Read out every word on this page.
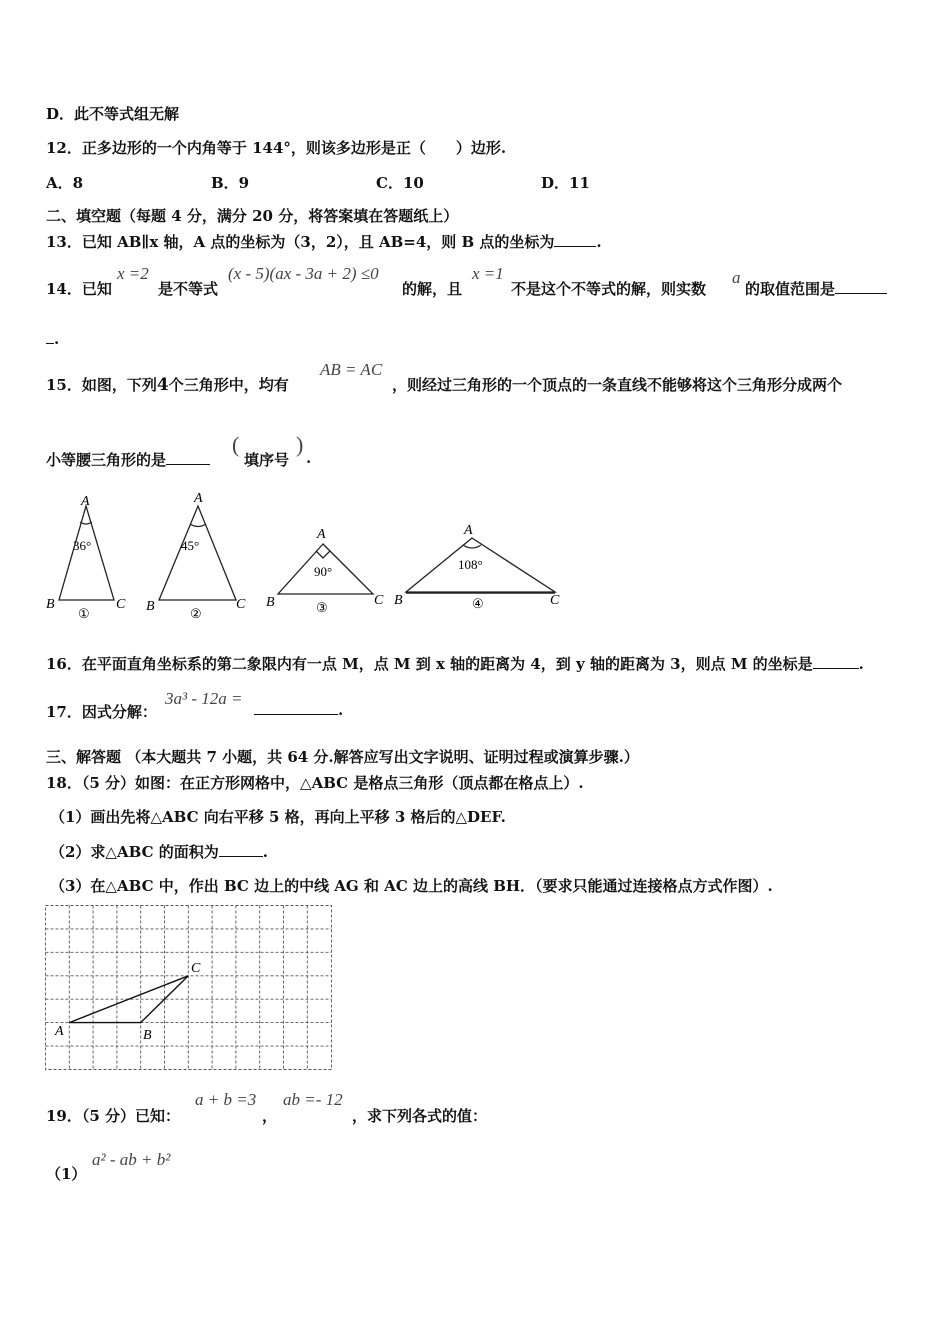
D．此不等式组无解
12．正多边形的一个内角等于 144°，则该多边形是正（　　）边形.
A．8	B．9	C．10	D．11
二、填空题（每题 4 分，满分 20 分，将答案填在答题纸上）
13．已知 AB∥x 轴，A 点的坐标为（3，2），且 AB=4，则 B 点的坐标为	.
14．已知
x =2
是不等式
(x - 5)(ax - 3a + 2) ≤0
的解，且
x =1
不是这个不等式的解，则实数
a
的取值范围是
.
15．如图，下列4个三角形中，均有
AB = AC
，则经过三角形的一个顶点的一条直线不能够将这个三角形分成两个
小等腰三角形的是
(
填序号
)
.
A
B	C
36°
①
A
B	C
45°
②
A
B	C
90°
③
A
B	C
108°
④
16．在平面直角坐标系的第二象限内有一点 M，点 M 到 x 轴的距离为 4，到 y 轴的距离为 3，则点 M 的坐标是	.
17．因式分解：
3a³ - 12a =
.
三、解答题 （本大题共 7 小题，共 64 分.解答应写出文字说明、证明过程或演算步骤.）
18．（5 分）如图：在正方形网格中，△ABC 是格点三角形（顶点都在格点上）.
（1）画出先将△ABC 向右平移 5 格，再向上平移 3 格后的△DEF.
（2）求△ABC 的面积为	.
（3）在△ABC 中，作出 BC 边上的中线 AG 和 AC 边上的高线 BH．（要求只能通过连接格点方式作图）.
A	B
C
19．（5 分）已知：
a + b =3
，
ab =- 12
，求下列各式的值：
（1）
a² - ab + b²
